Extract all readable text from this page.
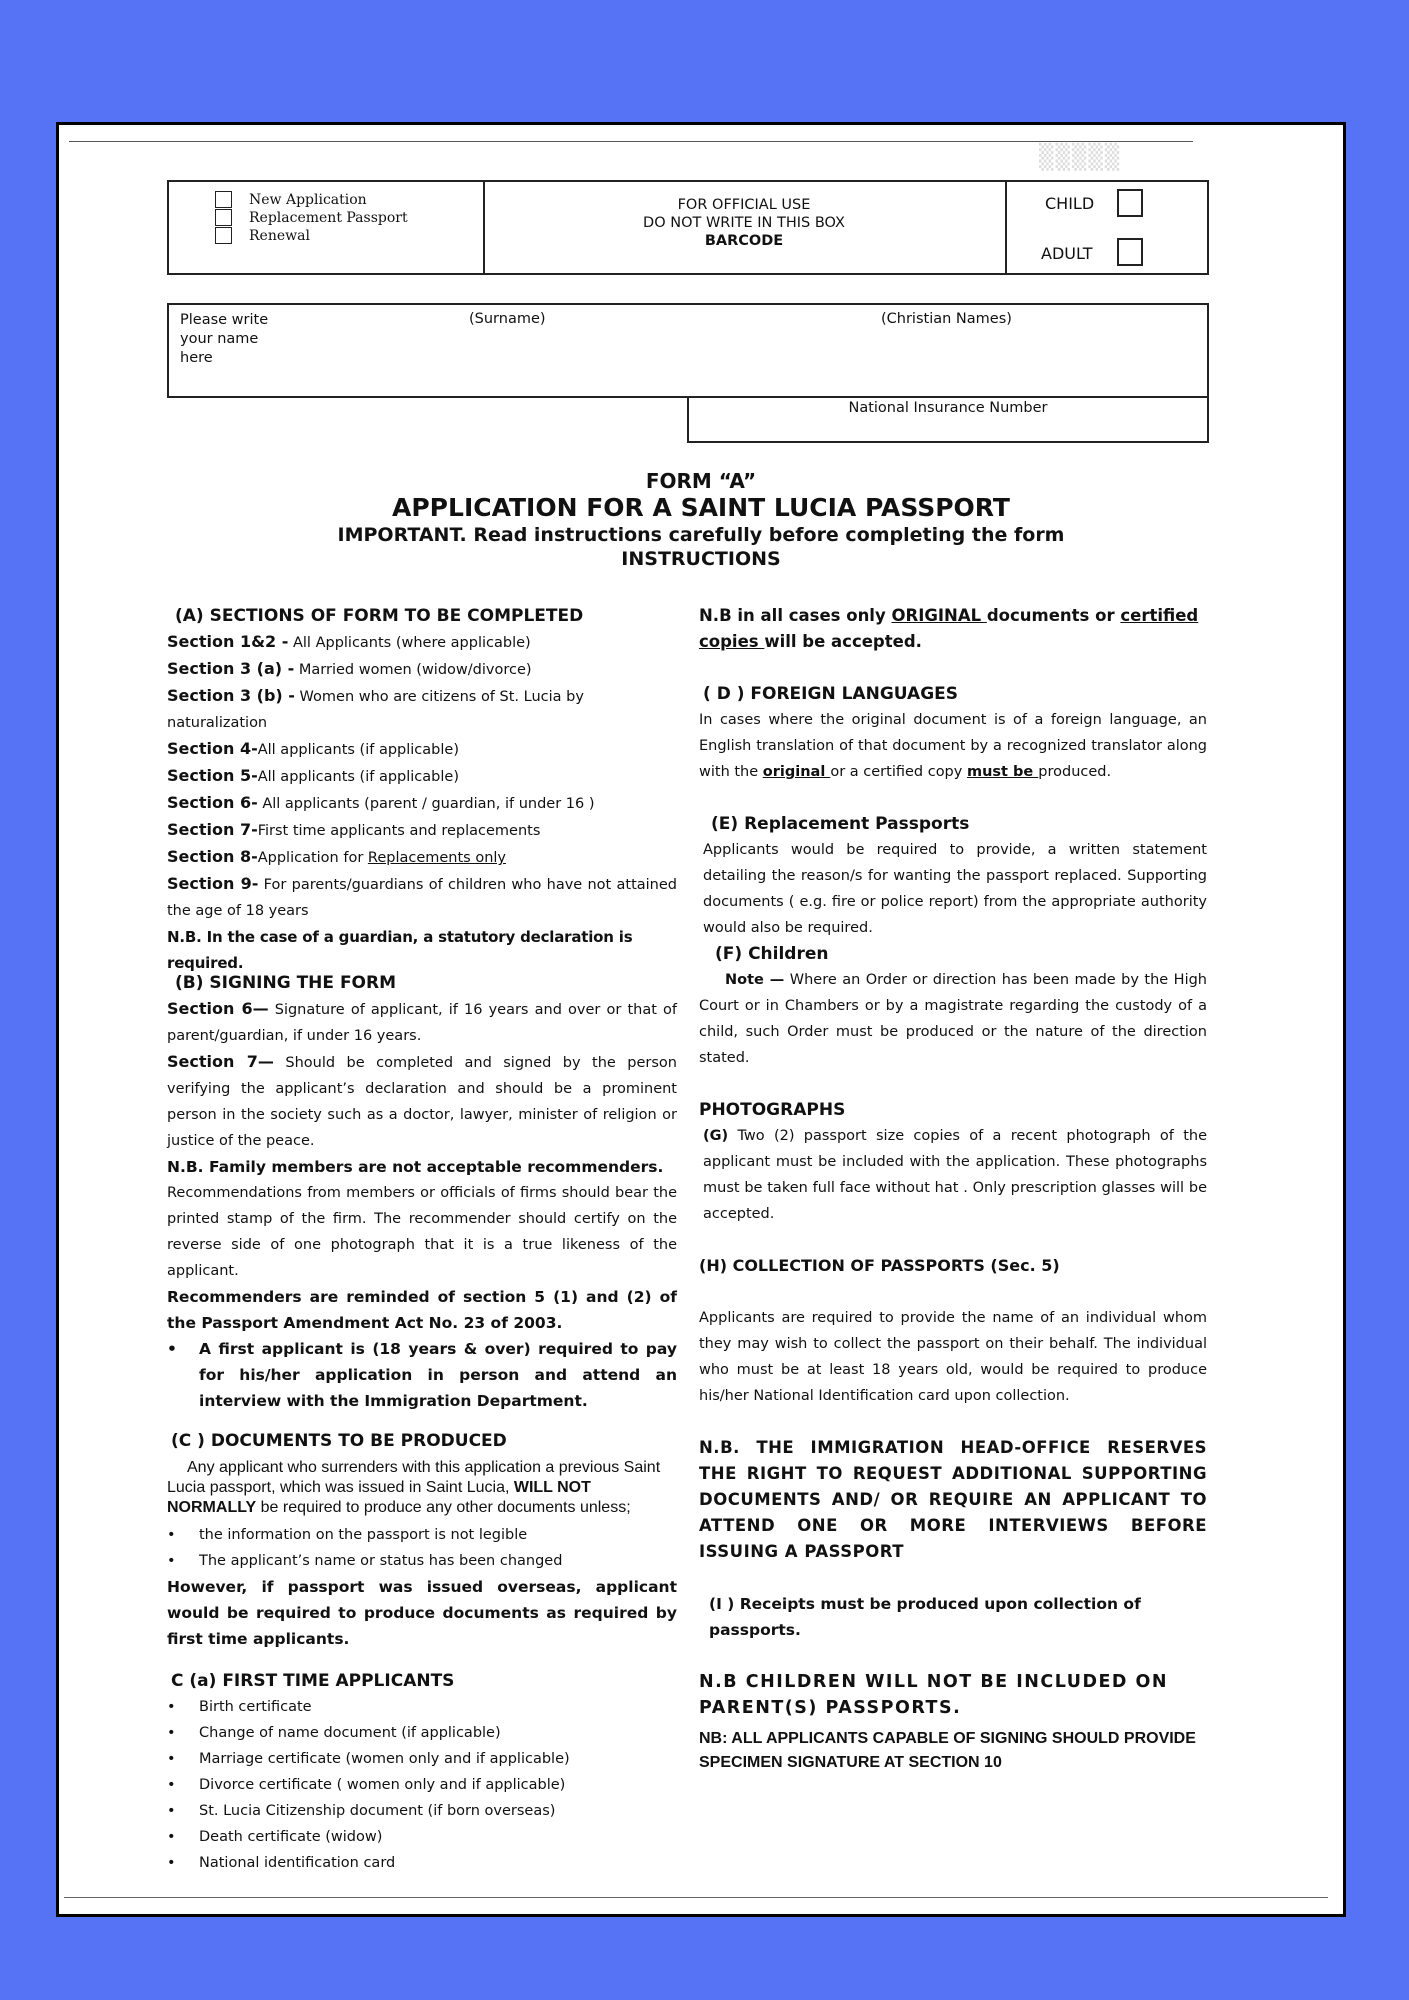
▒▒▒▒▒
New Application
Replacement Passport
Renewal
FOR OFFICIAL USE
DO NOT WRITE IN THIS BOX
BARCODE
CHILD
ADULT
Please write
your name
here
(Surname)	(Christian Names)
National Insurance Number
FORM “A”
APPLICATION FOR A SAINT LUCIA PASSPORT
IMPORTANT. Read instructions carefully before completing the form
INSTRUCTIONS

(A) SECTIONS OF FORM TO BE COMPLETED

Section 1&2 - All Applicants (where applicable)

Section 3 (a) - Married women (widow/divorce)

Section 3 (b) - Women who are citizens of St. Lucia by naturalization

Section 4-All applicants (if applicable)

Section 5-All applicants (if applicable)

Section 6- All applicants (parent / guardian, if under 16 )

Section 7-First time applicants and replacements

Section 8-Application for Replacements only

Section 9- For parents/guardians of children who have not attained the age of 18 years

N.B. In the case of a guardian, a statutory declaration is required.

(B) SIGNING THE FORM

Section 6— Signature of applicant, if 16 years and over or that of parent/guardian, if under 16 years.

Section 7— Should be completed and signed by the person verifying the applicant’s declaration and should be a prominent person in the society such as a doctor, lawyer, minister of religion or justice of the peace.

N.B. Family members are not acceptable recommenders.

Recommendations from members or officials of firms should bear the printed stamp of the firm. The recommender should certify on the reverse side of one photograph that it is a true likeness of the applicant.

Recommenders are reminded of section 5 (1) and (2) of the Passport Amendment Act No. 23 of 2003.

• A first applicant is (18 years & over) required to pay for his/her application in person and attend an interview with the Immigration Department.

(C ) DOCUMENTS TO BE PRODUCED

Any applicant who surrenders with this application a previous Saint Lucia passport, which was issued in Saint Lucia, WILL NOT NORMALLY be required to produce any other documents unless;

• the information on the passport is not legible

• The applicant’s name or status has been changed

However, if passport was issued overseas, applicant would be required to produce documents as required by first time applicants.

C (a) FIRST TIME APPLICANTS

• Birth certificate

• Change of name document (if applicable)

• Marriage certificate (women only and if applicable)

• Divorce certificate ( women only and if applicable)

• St. Lucia Citizenship document (if born overseas)

• Death certificate (widow)

• National identification card

N.B in all cases only ORIGINAL documents or certified copies will be accepted.

( D ) FOREIGN LANGUAGES

In cases where the original document is of a foreign language, an English translation of that document by a recognized translator along with the original or a certified copy must be produced.

(E) Replacement Passports

Applicants would be required to provide, a written statement detailing the reason/s for wanting the passport replaced. Supporting documents ( e.g. fire or police report) from the appropriate authority would also be required.

(F) Children

Note — Where an Order or direction has been made by the High Court or in Chambers or by a magistrate regarding the custody of a child, such Order must be produced or the nature of the direction stated.

PHOTOGRAPHS

(G) Two (2) passport size copies of a recent photograph of the applicant must be included with the application. These photographs must be taken full face without hat . Only prescription glasses will be accepted.

(H) COLLECTION OF PASSPORTS (Sec. 5)

Applicants are required to provide the name of an individual whom they may wish to collect the passport on their behalf. The individual who must be at least 18 years old, would be required to produce his/her National Identification card upon collection.

N.B. THE IMMIGRATION HEAD-OFFICE RESERVES THE RIGHT TO REQUEST ADDITIONAL SUPPORTING DOCUMENTS AND/ OR REQUIRE AN APPLICANT TO ATTEND ONE OR MORE INTERVIEWS BEFORE ISSUING A PASSPORT

(I ) Receipts must be produced upon collection of passports.

N.B CHILDREN WILL NOT BE INCLUDED ON PARENT(S) PASSPORTS.

NB: ALL APPLICANTS CAPABLE OF SIGNING SHOULD PROVIDE SPECIMEN SIGNATURE AT SECTION 10
